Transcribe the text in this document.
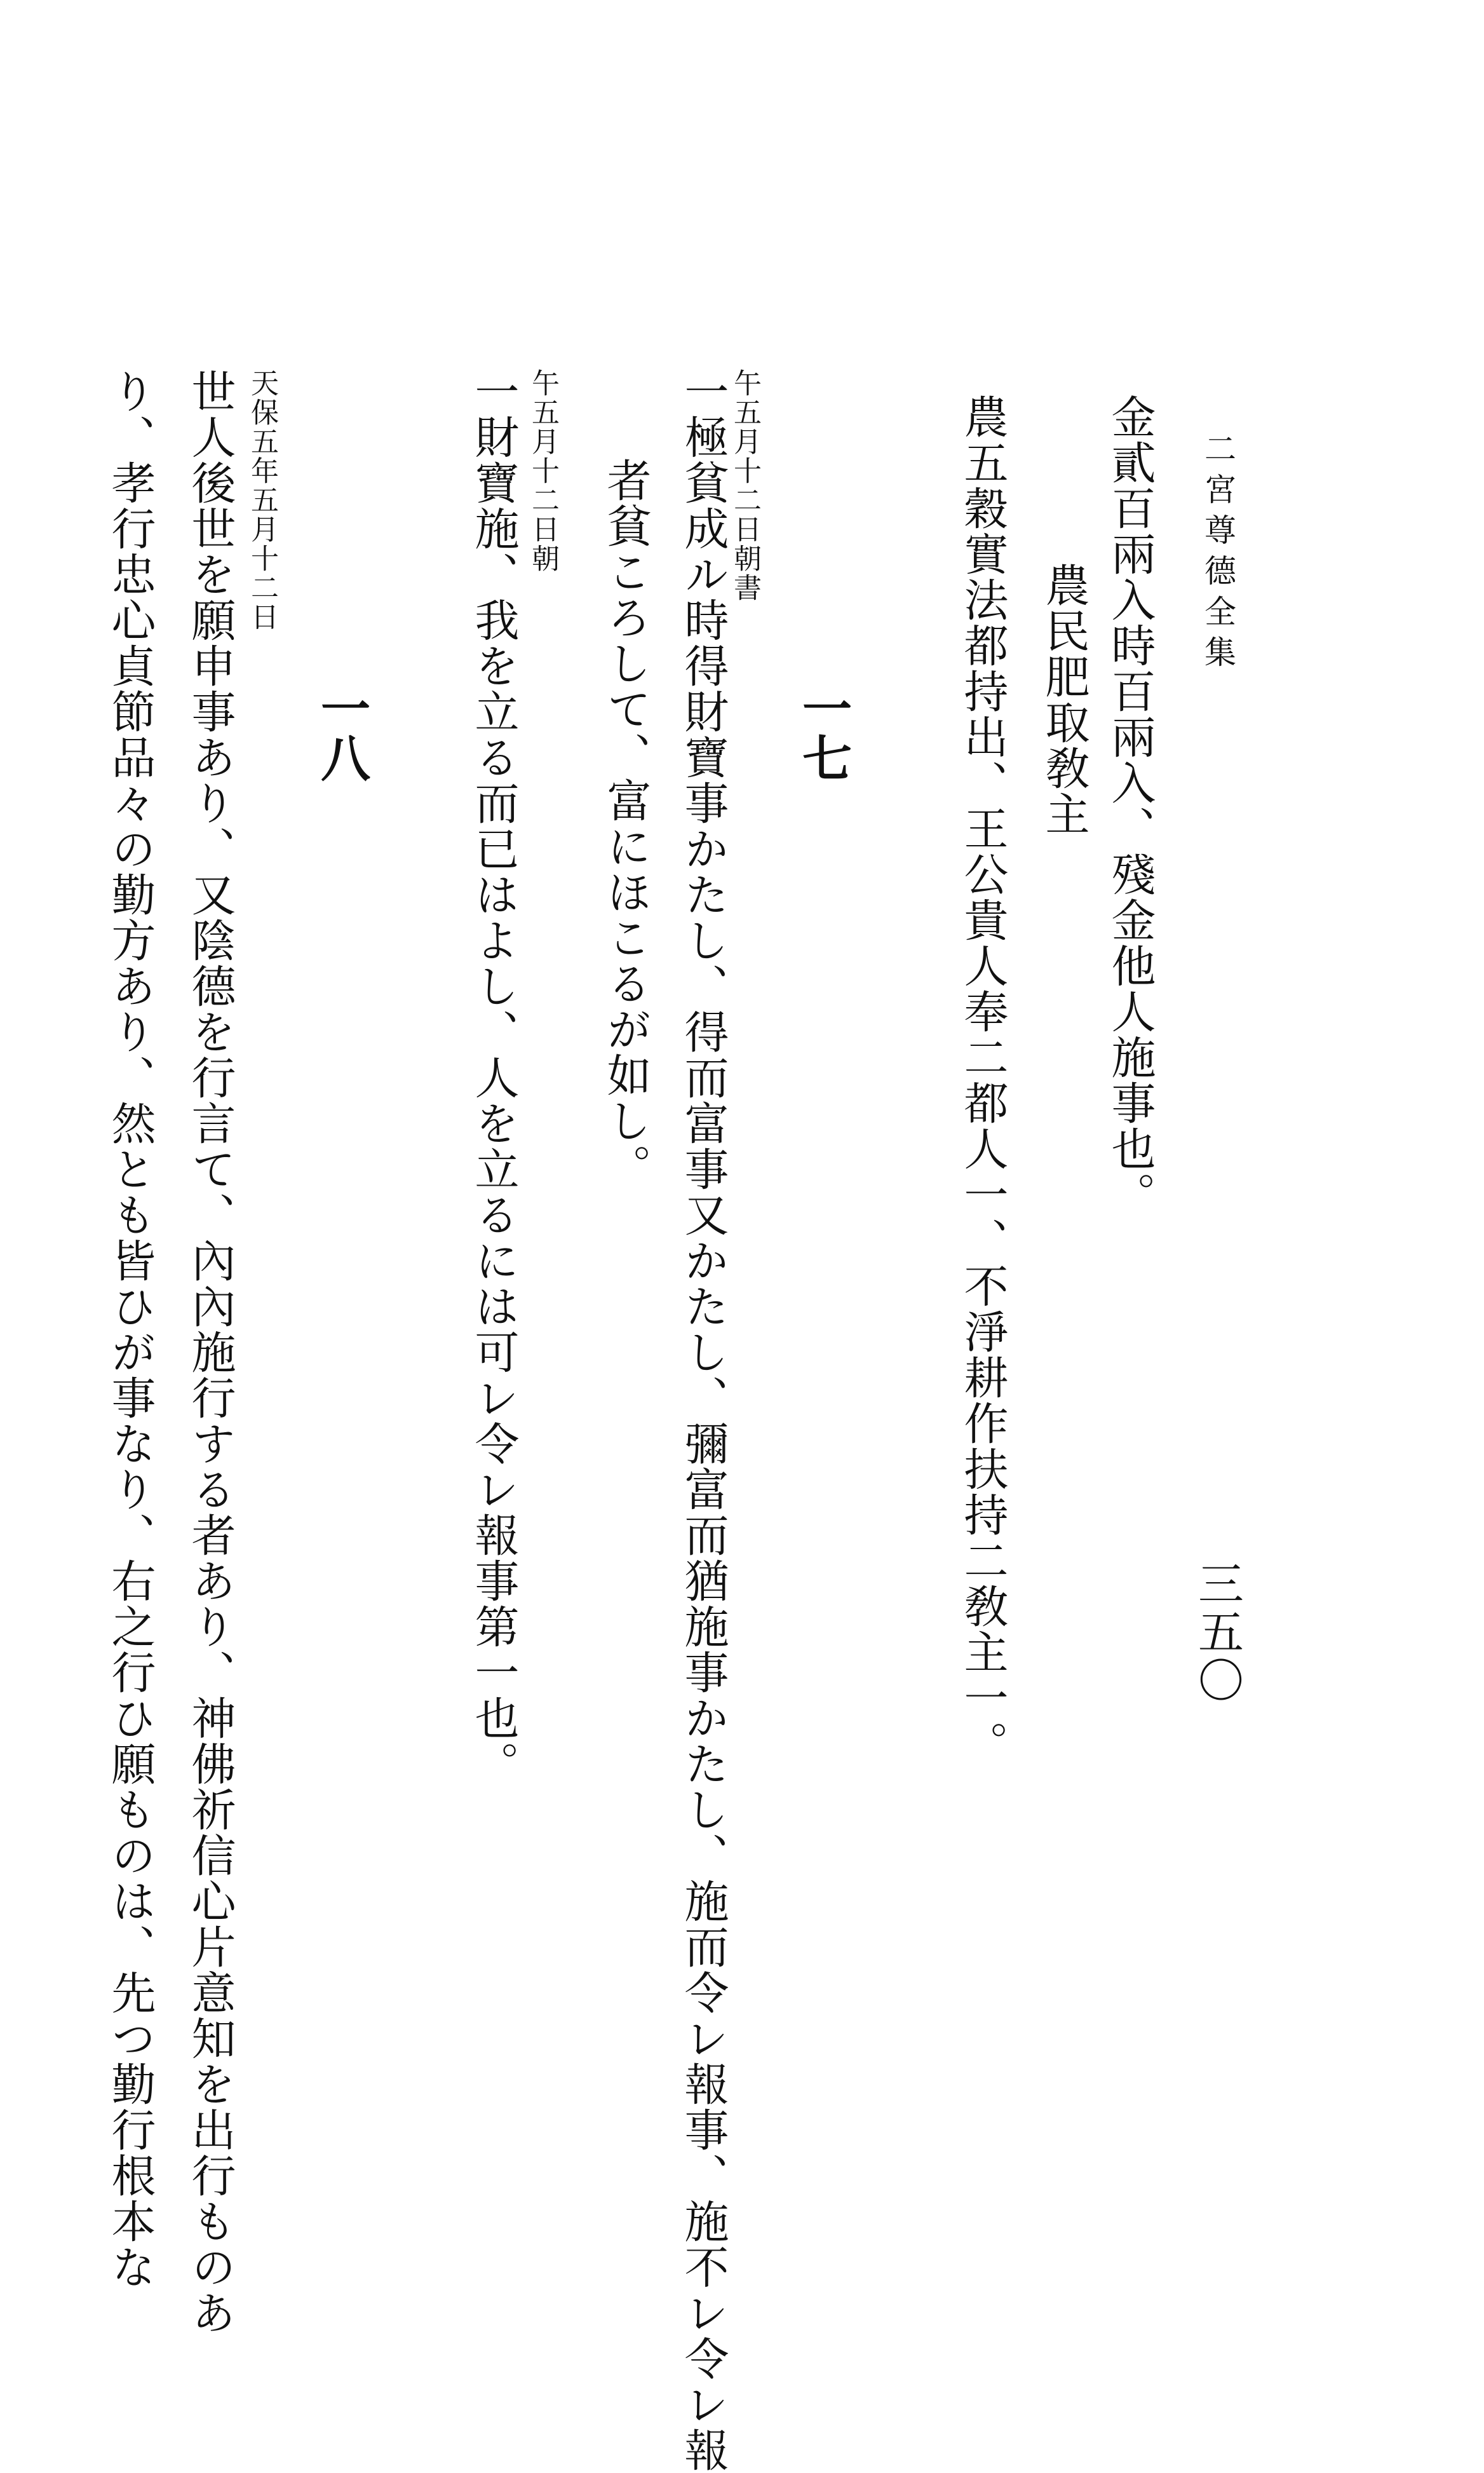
二宮尊德全集
三五〇
金貳百兩入時百兩入、殘金他人施事也。
農民肥取敎主
農五穀實法都持出、王公貴人奉二都人一、不淨耕作扶持二敎主一。
一七
午五月十二日朝書
一極貧成ル時得財寶事かたし、得而富事又かたし、彌富而猶施事かたし、施而令レ報事、施不レ令レ報
者貧ころして、富にほこるが如し。
午五月十二日朝
一財寶施、我を立る而已はよし、人を立るには可レ令レ報事第一也。
一八
天保五年五月十二日
世人後世を願申事あり、又陰德を行言て、內內施行する者あり、神佛祈信心片意知を出行ものあ
り、孝行忠心貞節品々の勤方あり、然とも皆ひが事なり、右之行ひ願ものは、先つ勤行根本な
